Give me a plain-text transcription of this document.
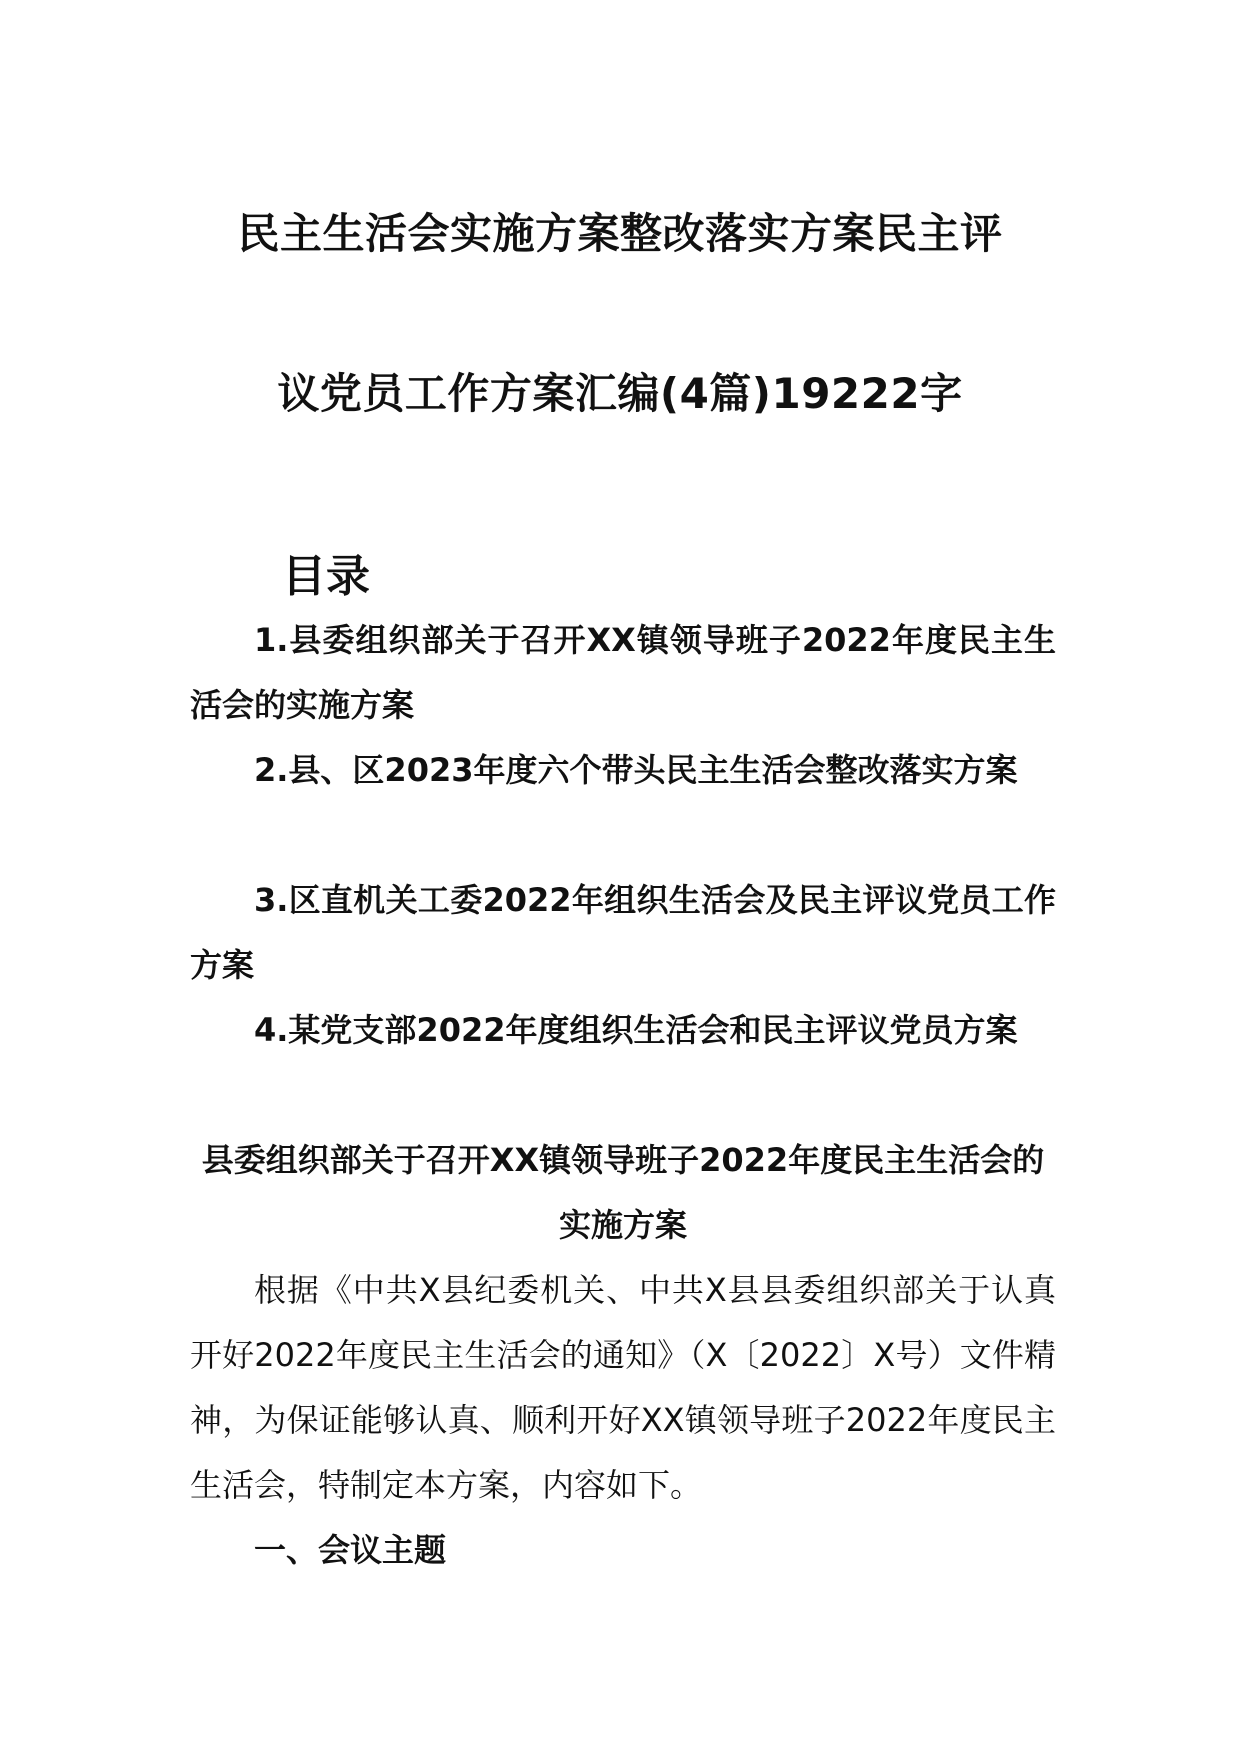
民主生活会实施方案整改落实方案民主评
议党员工作方案汇编(4篇)19222字
目录

1.县委组织部关于召开XX镇领导班子2022年度民主生活会的实施方案

2.县、区2023年度六个带头民主生活会整改落实方案

3.区直机关工委2022年组织生活会及民主评议党员工作方案

4.某党支部2022年度组织生活会和民主评议党员方案

县委组织部关于召开XX镇领导班子2022年度民主生活会的实施方案

根据《中共X县纪委机关、中共X县县委组织部关于认真开好2022年度民主生活会的通知》（X〔2022〕X号）文件精神，为保证能够认真、顺利开好XX镇领导班子2022年度民主生活会，特制定本方案，内容如下。

一、会议主题
